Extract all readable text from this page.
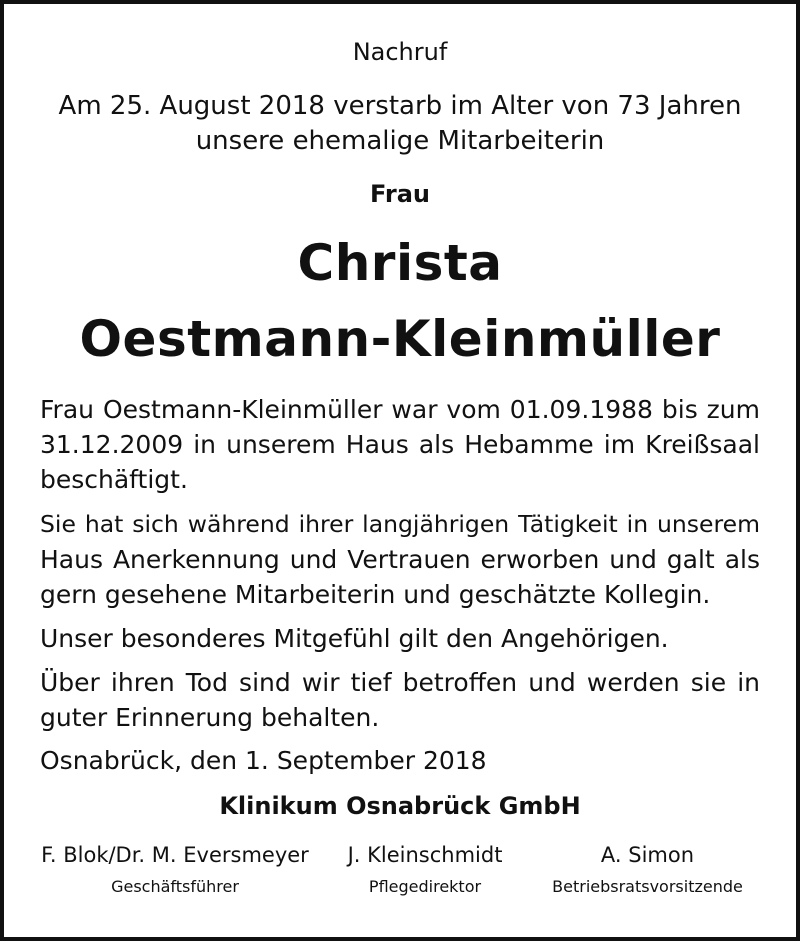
Nachruf
Am 25. August 2018 verstarb im Alter von 73 Jahren
unsere ehemalige Mitarbeiterin
Frau
Christa
Oestmann-Kleinmüller
Frau Oestmann-Kleinmüller war vom 01.09.1988 bis zum
31.12.2009 in unserem Haus als Hebamme im Kreißsaal
beschäftigt.
Sie hat sich während ihrer langjährigen Tätigkeit in unserem
Haus Anerkennung und Vertrauen erworben und galt als
gern gesehene Mitarbeiterin und geschätzte Kollegin.
Unser besonderes Mitgefühl gilt den Angehörigen.
Über ihren Tod sind wir tief betroffen und werden sie in
guter Erinnerung behalten.
Osnabrück, den 1. September 2018
Klinikum Osnabrück GmbH
F. Blok/Dr. M. Eversmeyer
Geschäftsführer
J. Kleinschmidt
Pflegedirektor
A. Simon
Betriebsratsvorsitzende
